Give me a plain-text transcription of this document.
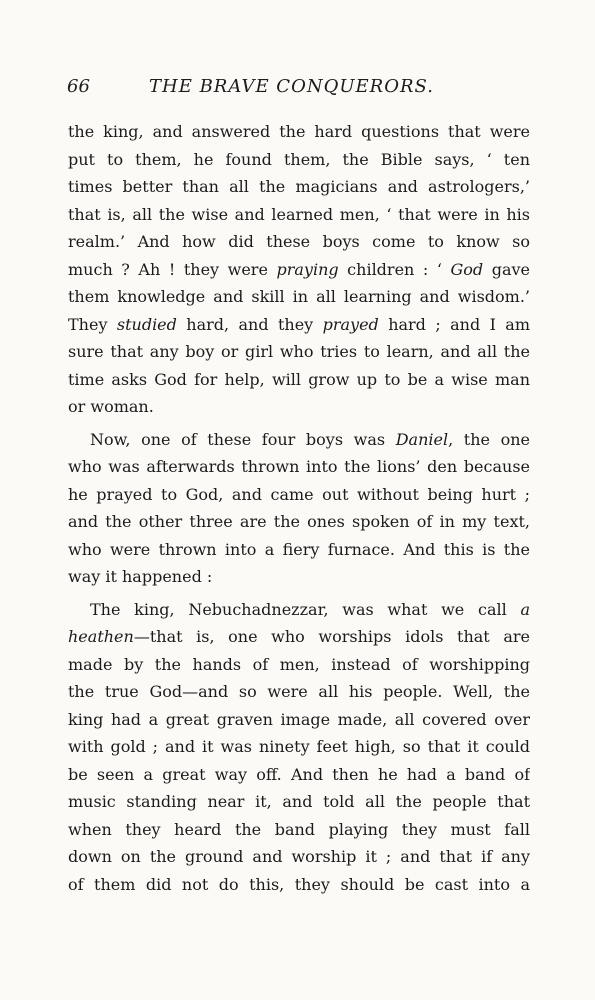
66	THE BRAVE CONQUERORS.
the king, and answered the hard questions that were
put to them, he found them, the Bible says, ‘ ten
times better than all the magicians and astrologers,’
that is, all the wise and learned men, ‘ that were in his
realm.’ And how did these boys come to know so
much ? Ah ! they were praying children : ‘ God gave
them knowledge and skill in all learning and wisdom.’
They studied hard, and they prayed hard ; and I am
sure that any boy or girl who tries to learn, and all the
time asks God for help, will grow up to be a wise man
or woman.
Now, one of these four boys was Daniel, the one
who was afterwards thrown into the lions’ den because
he prayed to God, and came out without being hurt ;
and the other three are the ones spoken of in my text,
who were thrown into a fiery furnace. And this is the
way it happened :
The king, Nebuchadnezzar, was what we call a
heathen—that is, one who worships idols that are
made by the hands of men, instead of worshipping
the true God—and so were all his people. Well, the
king had a great graven image made, all covered over
with gold ; and it was ninety feet high, so that it could
be seen a great way off. And then he had a band of
music standing near it, and told all the people that
when they heard the band playing they must fall
down on the ground and worship it ; and that if any
of them did not do this, they should be cast into a
